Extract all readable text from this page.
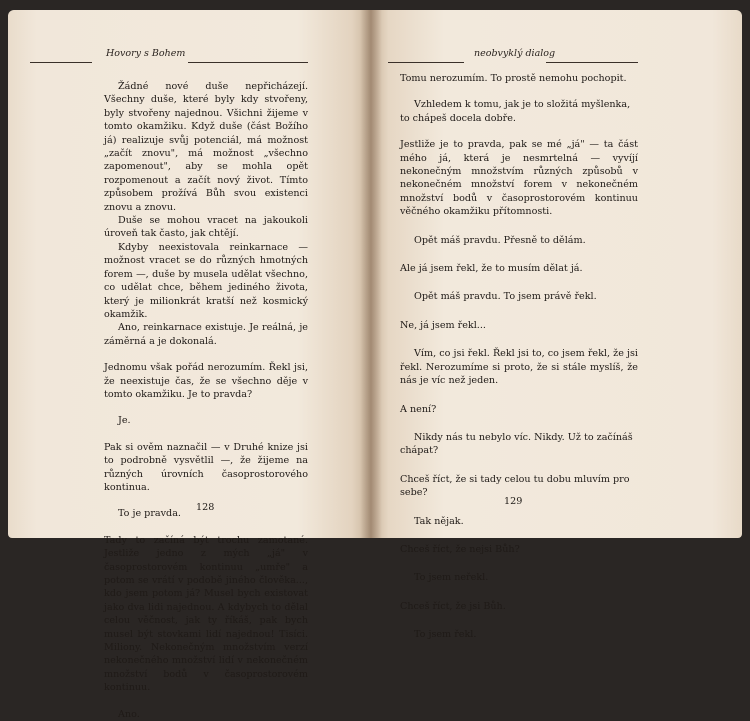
Hovory s Bohem

Žádné nové duše nepřicházejí. Všechny duše, které byly kdy stvořeny, byly stvořeny najednou. Všichni žijeme v tomto okamžiku. Když duše (část Božího já) realizuje svůj potenciál, má možnost „začít znovu", má možnost „všechno zapomenout", aby se mohla opět rozpomenout a začít nový život. Tímto způsobem prožívá Bůh svou existenci znovu a znovu.

Duše se mohou vracet na jakoukoli úroveň tak často, jak chtějí.

Kdyby neexistovala reinkarnace — možnost vracet se do různých hmotných forem —, duše by musela udělat všechno, co udělat chce, během jediného života, který je milionkrát kratší než kosmický okamžik.

Ano, reinkarnace existuje. Je reálná, je záměrná a je dokonalá.

Jednomu však pořád nerozumím. Řekl jsi, že neexistuje čas, že se všechno děje v tomto okamžiku. Je to pravda?

Je.

Pak si ověm naznačil — v Druhé knize jsi to podrobně vysvětlil —, že žijeme na různých úrovních časoprostorového kontinua.

To je pravda.

Tady to začíná být trochu zamotané. Jestliže jedno z mých „já" v časoprostorovém kontinuu „umře" a potom se vrátí v podobě jiného člověka..., kdo jsem potom já? Musel bych existovat jako dva lidi najednou. A kdybych to dělal celou věčnost, jak ty říkáš, pak bych musel být stovkami lidí najednou! Tisíci. Miliony. Nekonečným množstvím verzí nekonečného množství lidí v nekonečném množství bodů v časoprostorovém kontinuu.

Ano.

128
neobvyklý dialog

Tomu nerozumím. To prostě nemohu pochopit.

Vzhledem k tomu, jak je to složitá myšlenka, to chápeš docela dobře.

Jestliže je to pravda, pak se mé „já" — ta část mého já, která je nesmrtelná — vyvíjí nekonečným množstvím různých způsobů v nekonečném množství forem v nekonečném množství bodů v časoprostorovém kontinuu věčného okamžiku přítomnosti.

Opět máš pravdu. Přesně to dělám.

Ale já jsem řekl, že to musím dělat já.

Opět máš pravdu. To jsem právě řekl.

Ne, já jsem řekl...

Vím, co jsi řekl. Řekl jsi to, co jsem řekl, že jsi řekl. Nerozumíme si proto, že si stále myslíš, že nás je víc než jeden.

A není?

Nikdy nás tu nebylo víc. Nikdy. Už to začínáš chápat?

Chceš říct, že si tady celou tu dobu mluvím pro sebe?

Tak nějak.

Chceš říct, že nejsi Bůh?

To jsem neřekl.

Chceš říct, že jsi Bůh.

To jsem řekl.

129
